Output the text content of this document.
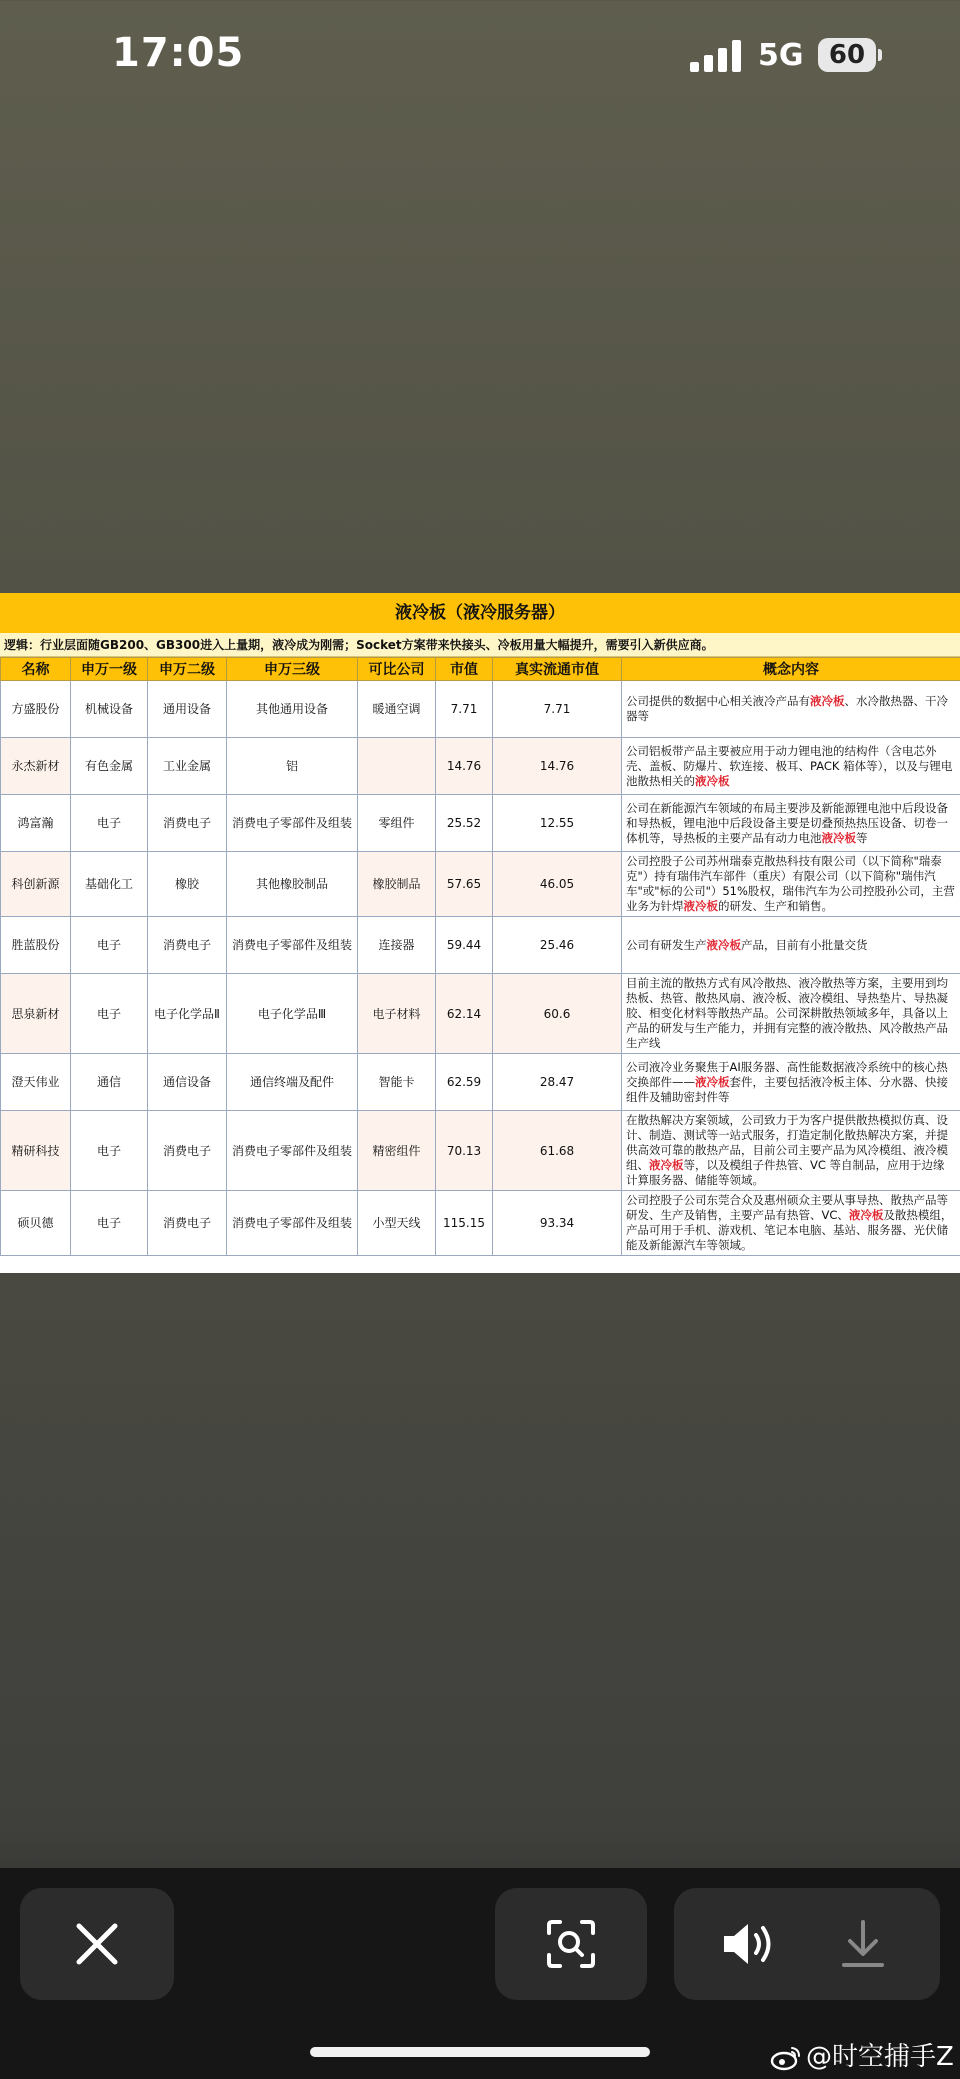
17:05	5G 60
液冷板（液冷服务器）
逻辑：行业层面随GB200、GB300进入上量期，液冷成为刚需；Socket方案带来快接头、冷板用量大幅提升，需要引入新供应商。
名称	申万一级	申万二级	申万三级	可比公司	市值	真实流通市值	概念内容
方盛股份	机械设备	通用设备	其他通用设备	暖通空调	7.71	7.71	公司提供的数据中心相关液冷产品有液冷板、水冷散热器、干冷器等
永杰新材	有色金属	工业金属	铝		14.76	14.76	公司铝板带产品主要被应用于动力锂电池的结构件（含电芯外壳、盖板、防爆片、软连接、极耳、PACK 箱体等），以及与锂电池散热相关的液冷板
鸿富瀚	电子	消费电子	消费电子零部件及组装	零组件	25.52	12.55	公司在新能源汽车领域的布局主要涉及新能源锂电池中后段设备和导热板，锂电池中后段设备主要是切叠预热热压设备、切卷一体机等，导热板的主要产品有动力电池液冷板等
科创新源	基础化工	橡胶	其他橡胶制品	橡胶制品	57.65	46.05	公司控股子公司苏州瑞泰克散热科技有限公司（以下简称"瑞泰克"）持有瑞伟汽车部件（重庆）有限公司（以下简称"瑞伟汽车"或"标的公司"）51%股权，瑞伟汽车为公司控股孙公司，主营业务为针焊液冷板的研发、生产和销售。
胜蓝股份	电子	消费电子	消费电子零部件及组装	连接器	59.44	25.46	公司有研发生产液冷板产品，目前有小批量交货
思泉新材	电子	电子化学品Ⅱ	电子化学品Ⅲ	电子材料	62.14	60.6	目前主流的散热方式有风冷散热、液冷散热等方案，主要用到均热板、热管、散热风扇、液冷板、液冷模组、导热垫片、导热凝胶、相变化材料等散热产品。公司深耕散热领域多年，具备以上产品的研发与生产能力，并拥有完整的液冷散热、风冷散热产品生产线
澄天伟业	通信	通信设备	通信终端及配件	智能卡	62.59	28.47	公司液冷业务聚焦于AI服务器、高性能数据液冷系统中的核心热交换部件——液冷板套件，主要包括液冷板主体、分水器、快接组件及辅助密封件等
精研科技	电子	消费电子	消费电子零部件及组装	精密组件	70.13	61.68	在散热解决方案领域，公司致力于为客户提供散热模拟仿真、设计、制造、测试等一站式服务，打造定制化散热解决方案，并提供高效可靠的散热产品，目前公司主要产品为风冷模组、液冷模组、液冷板等，以及模组子件热管、VC 等自制品，应用于边缘计算服务器、储能等领域。
硕贝德	电子	消费电子	消费电子零部件及组装	小型天线	115.15	93.34	公司控股子公司东莞合众及惠州硕众主要从事导热、散热产品等研发、生产及销售，主要产品有热管、VC、液冷板及散热模组，产品可用于手机、游戏机、笔记本电脑、基站、服务器、光伏储能及新能源汽车等领域。
@时空捕手Z
